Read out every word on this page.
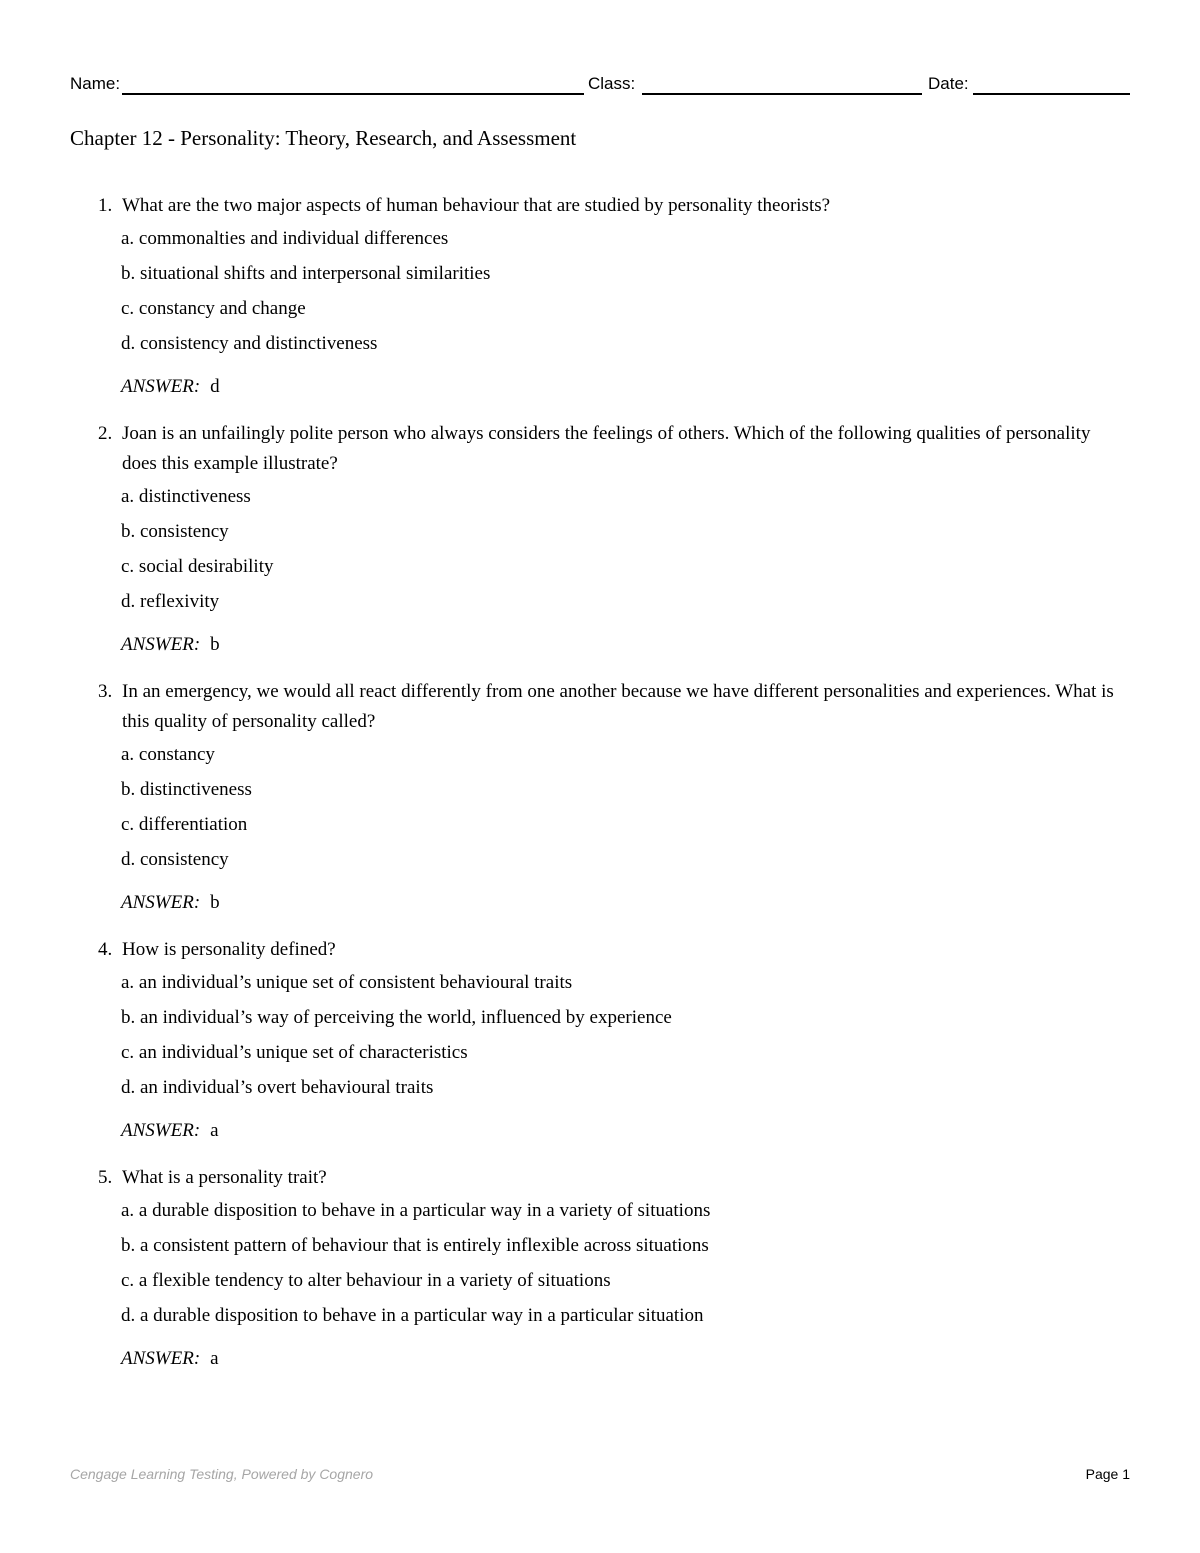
Name:	Class:	Date:
Chapter 12 - Personality: Theory, Research, and Assessment
1. What are the two major aspects of human behaviour that are studied by personality theorists?
a. commonalties and individual differences
b. situational shifts and interpersonal similarities
c. constancy and change
d. consistency and distinctiveness
ANSWER: d
2. Joan is an unfailingly polite person who always considers the feelings of others. Which of the following qualities of personality does this example illustrate?
a. distinctiveness
b. consistency
c. social desirability
d. reflexivity
ANSWER: b
3. In an emergency, we would all react differently from one another because we have different personalities and experiences. What is this quality of personality called?
a. constancy
b. distinctiveness
c. differentiation
d. consistency
ANSWER: b
4. How is personality defined?
a. an individual’s unique set of consistent behavioural traits
b. an individual’s way of perceiving the world, influenced by experience
c. an individual’s unique set of characteristics
d. an individual’s overt behavioural traits
ANSWER: a
5. What is a personality trait?
a. a durable disposition to behave in a particular way in a variety of situations
b. a consistent pattern of behaviour that is entirely inflexible across situations
c. a flexible tendency to alter behaviour in a variety of situations
d. a durable disposition to behave in a particular way in a particular situation
ANSWER: a
Cengage Learning Testing, Powered by Cognero	Page 1
